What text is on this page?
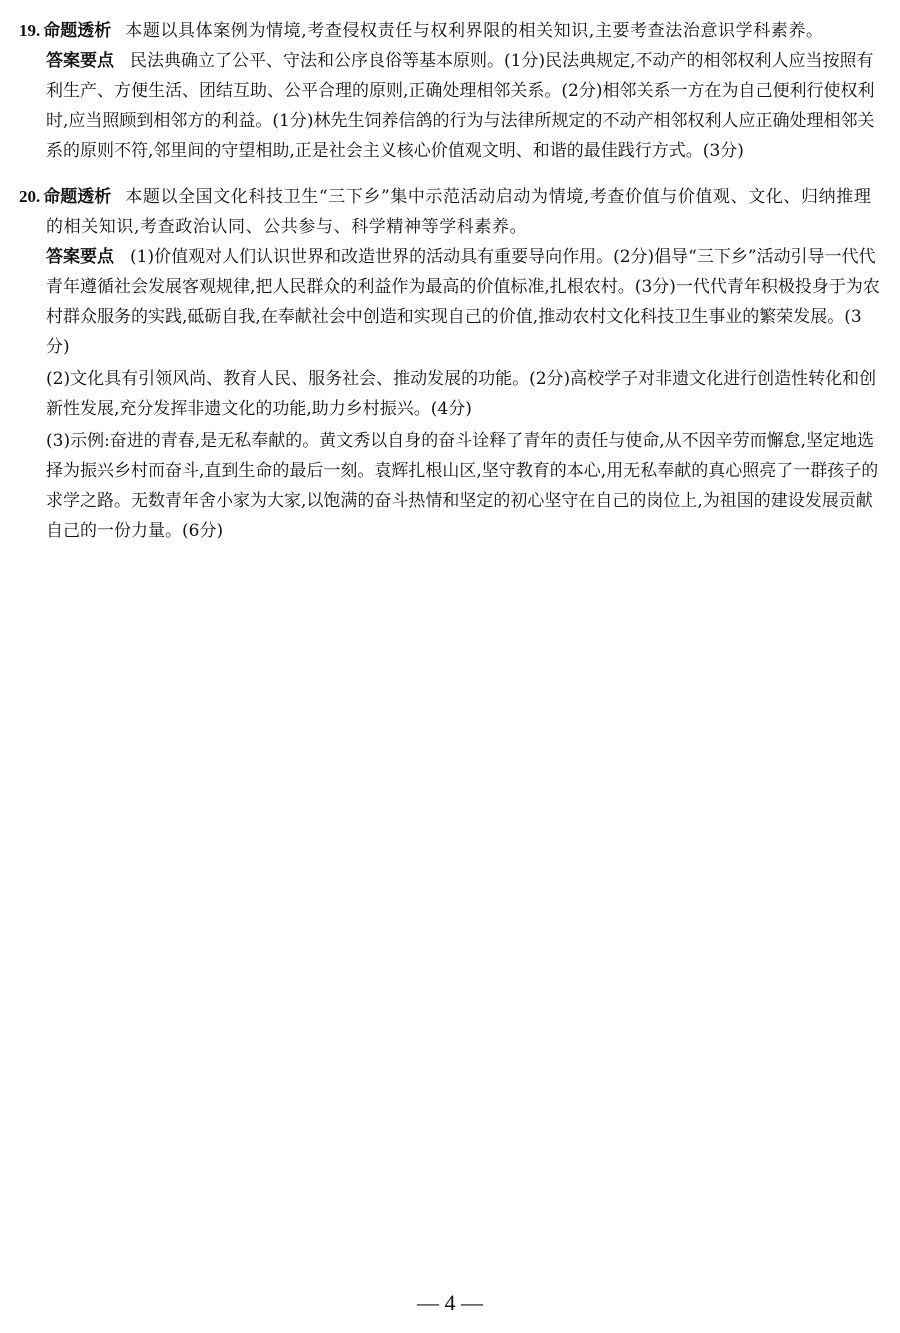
19. 命题透析 本题以具体案例为情境,考查侵权责任与权利界限的相关知识,主要考查法治意识学科素养。
答案要点 民法典确立了公平、守法和公序良俗等基本原则。(1分)民法典规定,不动产的相邻权利人应当按照有利生产、方便生活、团结互助、公平合理的原则,正确处理相邻关系。(2分)相邻关系一方在为自己便利行使权利时,应当照顾到相邻方的利益。(1分)林先生饲养信鸽的行为与法律所规定的不动产相邻权利人应正确处理相邻关系的原则不符,邻里间的守望相助,正是社会主义核心价值观文明、和谐的最佳践行方式。(3分)
20. 命题透析 本题以全国文化科技卫生“三下乡”集中示范活动启动为情境,考查价值与价值观、文化、归纳推理的相关知识,考查政治认同、公共参与、科学精神等学科素养。
答案要点 (1)价值观对人们认识世界和改造世界的活动具有重要导向作用。(2分)倡导“三下乡”活动引导一代代青年遵循社会发展客观规律,把人民群众的利益作为最高的价值标准,扎根农村。(3分)一代代青年积极投身于为农村群众服务的实践,砥砺自我,在奉献社会中创造和实现自己的价值,推动农村文化科技卫生事业的繁荣发展。(3分)
(2)文化具有引领风尚、教育人民、服务社会、推动发展的功能。(2分)高校学子对非遗文化进行创造性转化和创新性发展,充分发挥非遗文化的功能,助力乡村振兴。(4分)
(3)示例:奋进的青春,是无私奉献的。黄文秀以自身的奋斗诠释了青年的责任与使命,从不因辛劳而懈怠,坚定地选择为振兴乡村而奋斗,直到生命的最后一刻。袁辉扎根山区,坚守教育的本心,用无私奉献的真心照亮了一群孩子的求学之路。无数青年舍小家为大家,以饱满的奋斗热情和坚定的初心坚守在自己的岗位上,为祖国的建设发展贡献自己的一份力量。(6分)
— 4 —
